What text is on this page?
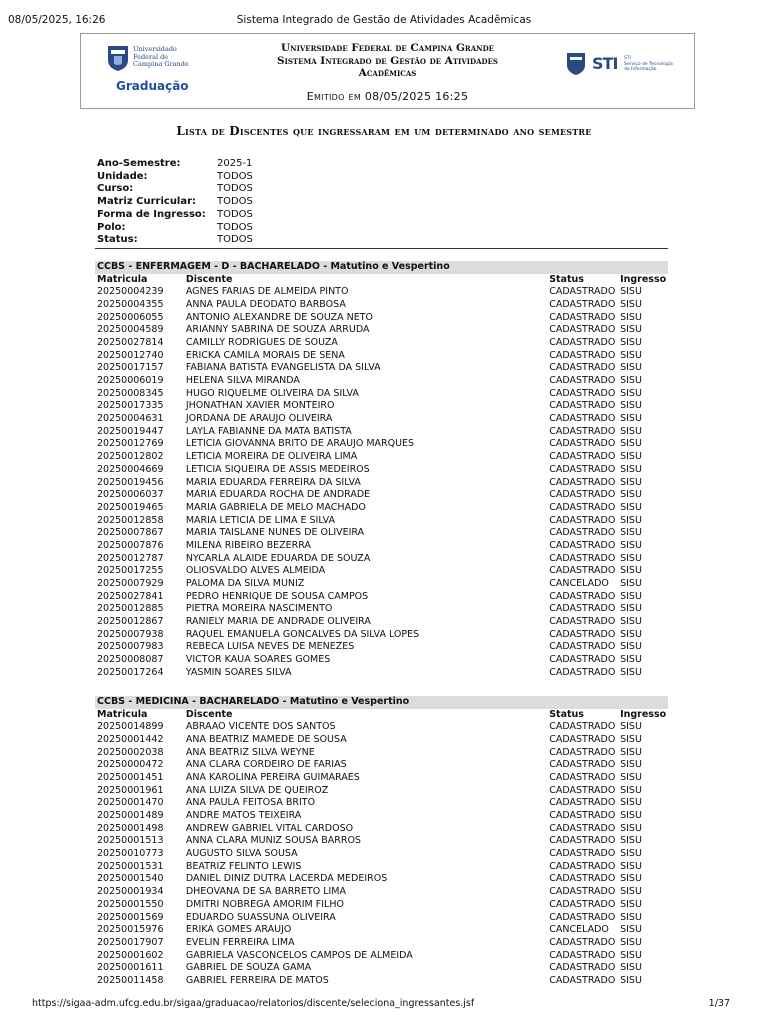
08/05/2025, 16:26	Sistema Integrado de Gestão de Atividades Acadêmicas
Universidade
Federal de
Campina Grande
Graduação
Universidade Federal de Campina Grande
Sistema Integrado de Gestão de Atividades
Acadêmicas
Emitido em 08/05/2025 16:25
STI STI
Serviço de Tecnologia
da Informação
Lista de Discentes que ingressaram em um determinado ano semestre
Ano-Semestre:	2025-1
Unidade:	TODOS
Curso:	TODOS
Matriz Curricular:	TODOS
Forma de Ingresso:	TODOS
Polo:	TODOS
Status:	TODOS
CCBS - ENFERMAGEM - D - BACHARELADO - Matutino e Vespertino
Matricula	Discente	Status	Ingresso
20250004239	AGNES FARIAS DE ALMEIDA PINTO	CADASTRADO SISU
20250004355	ANNA PAULA DEODATO BARBOSA	CADASTRADO SISU
20250006055	ANTONIO ALEXANDRE DE SOUZA NETO	CADASTRADO SISU
20250004589	ARIANNY SABRINA DE SOUZA ARRUDA	CADASTRADO SISU
20250027814	CAMILLY RODRIGUES DE SOUZA	CADASTRADO SISU
20250012740	ERICKA CAMILA MORAIS DE SENA	CADASTRADO SISU
20250017157	FABIANA BATISTA EVANGELISTA DA SILVA	CADASTRADO SISU
20250006019	HELENA SILVA MIRANDA	CADASTRADO SISU
20250008345	HUGO RIQUELME OLIVEIRA DA SILVA	CADASTRADO SISU
20250017335	JHONATHAN XAVIER MONTEIRO	CADASTRADO SISU
20250004631	JORDANA DE ARAUJO OLIVEIRA	CADASTRADO SISU
20250019447	LAYLA FABIANNE DA MATA BATISTA	CADASTRADO SISU
20250012769	LETICIA GIOVANNA BRITO DE ARAUJO MARQUES	CADASTRADO SISU
20250012802	LETICIA MOREIRA DE OLIVEIRA LIMA	CADASTRADO SISU
20250004669	LETICIA SIQUEIRA DE ASSIS MEDEIROS	CADASTRADO SISU
20250019456	MARIA EDUARDA FERREIRA DA SILVA	CADASTRADO SISU
20250006037	MARIA EDUARDA ROCHA DE ANDRADE	CADASTRADO SISU
20250019465	MARIA GABRIELA DE MELO MACHADO	CADASTRADO SISU
20250012858	MARIA LETICIA DE LIMA E SILVA	CADASTRADO SISU
20250007867	MARIA TAISLANE NUNES DE OLIVEIRA	CADASTRADO SISU
20250007876	MILENA RIBEIRO BEZERRA	CADASTRADO SISU
20250012787	NYCARLA ALAIDE EDUARDA DE SOUZA	CADASTRADO SISU
20250017255	OLIOSVALDO ALVES ALMEIDA	CADASTRADO SISU
20250007929	PALOMA DA SILVA MUNIZ	CANCELADO	SISU
20250027841	PEDRO HENRIQUE DE SOUSA CAMPOS	CADASTRADO SISU
20250012885	PIETRA MOREIRA NASCIMENTO	CADASTRADO SISU
20250012867	RANIELY MARIA DE ANDRADE OLIVEIRA	CADASTRADO SISU
20250007938	RAQUEL EMANUELA GONCALVES DA SILVA LOPES	CADASTRADO SISU
20250007983	REBECA LUISA NEVES DE MENEZES	CADASTRADO SISU
20250008087	VICTOR KAUA SOARES GOMES	CADASTRADO SISU
20250017264	YASMIN SOARES SILVA	CADASTRADO SISU
CCBS - MEDICINA - BACHARELADO - Matutino e Vespertino
Matricula	Discente	Status	Ingresso
20250014899	ABRAAO VICENTE DOS SANTOS	CADASTRADO SISU
20250001442	ANA BEATRIZ MAMEDE DE SOUSA	CADASTRADO SISU
20250002038	ANA BEATRIZ SILVA WEYNE	CADASTRADO SISU
20250000472	ANA CLARA CORDEIRO DE FARIAS	CADASTRADO SISU
20250001451	ANA KAROLINA PEREIRA GUIMARAES	CADASTRADO SISU
20250001961	ANA LUIZA SILVA DE QUEIROZ	CADASTRADO SISU
20250001470	ANA PAULA FEITOSA BRITO	CADASTRADO SISU
20250001489	ANDRE MATOS TEIXEIRA	CADASTRADO SISU
20250001498	ANDREW GABRIEL VITAL CARDOSO	CADASTRADO SISU
20250001513	ANNA CLARA MUNIZ SOUSA BARROS	CADASTRADO SISU
20250010773	AUGUSTO SILVA SOUSA	CADASTRADO SISU
20250001531	BEATRIZ FELINTO LEWIS	CADASTRADO SISU
20250001540	DANIEL DINIZ DUTRA LACERDA MEDEIROS	CADASTRADO SISU
20250001934	DHEOVANA DE SA BARRETO LIMA	CADASTRADO SISU
20250001550	DMITRI NOBREGA AMORIM FILHO	CADASTRADO SISU
20250001569	EDUARDO SUASSUNA OLIVEIRA	CADASTRADO SISU
20250015976	ERIKA GOMES ARAUJO	CANCELADO	SISU
20250017907	EVELIN FERREIRA LIMA	CADASTRADO SISU
20250001602	GABRIELA VASCONCELOS CAMPOS DE ALMEIDA	CADASTRADO SISU
20250001611	GABRIEL DE SOUZA GAMA	CADASTRADO SISU
20250011458	GABRIEL FERREIRA DE MATOS	CADASTRADO SISU
https://sigaa-adm.ufcg.edu.br/sigaa/graduacao/relatorios/discente/seleciona_ingressantes.jsf	1/37
